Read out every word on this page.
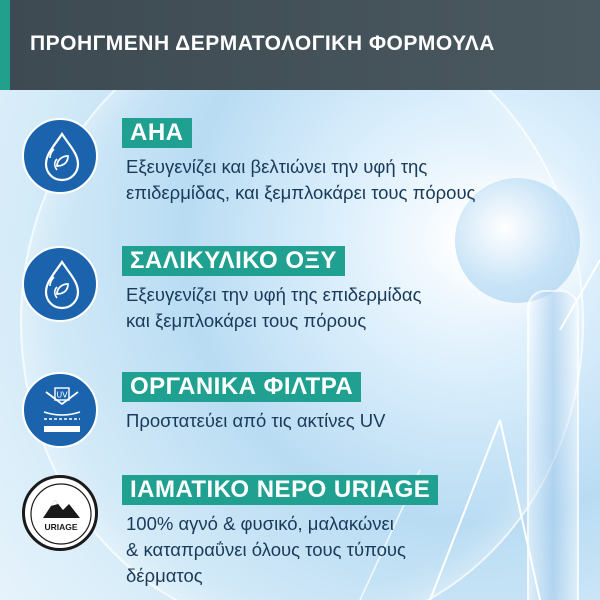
ΠΡΟΗΓΜΕΝΗ ΔΕΡΜΑΤΟΛΟΓΙΚΗ ΦΟΡΜΟΥΛΑ
AHA
Εξευγενίζει και βελτιώνει την υφή της
επιδερμίδας, και ξεμπλοκάρει τους πόρους
ΣΑΛΙΚΥΛΙΚΟ ΟΞΥ
Εξευγενίζει την υφή της επιδερμίδας
και ξεμπλοκάρει τους πόρους
UV	ΟΡΓΑΝΙΚΑ ΦΙΛΤΡΑ
Προστατεύει από τις ακτίνες UV
URIAGE
ΙΑΜΑΤΙΚΟ ΝΕΡΟ URIAGE
100% αγνό & φυσικό, μαλακώνει
& καταπραΰνει όλους τους τύπους
δέρματος
